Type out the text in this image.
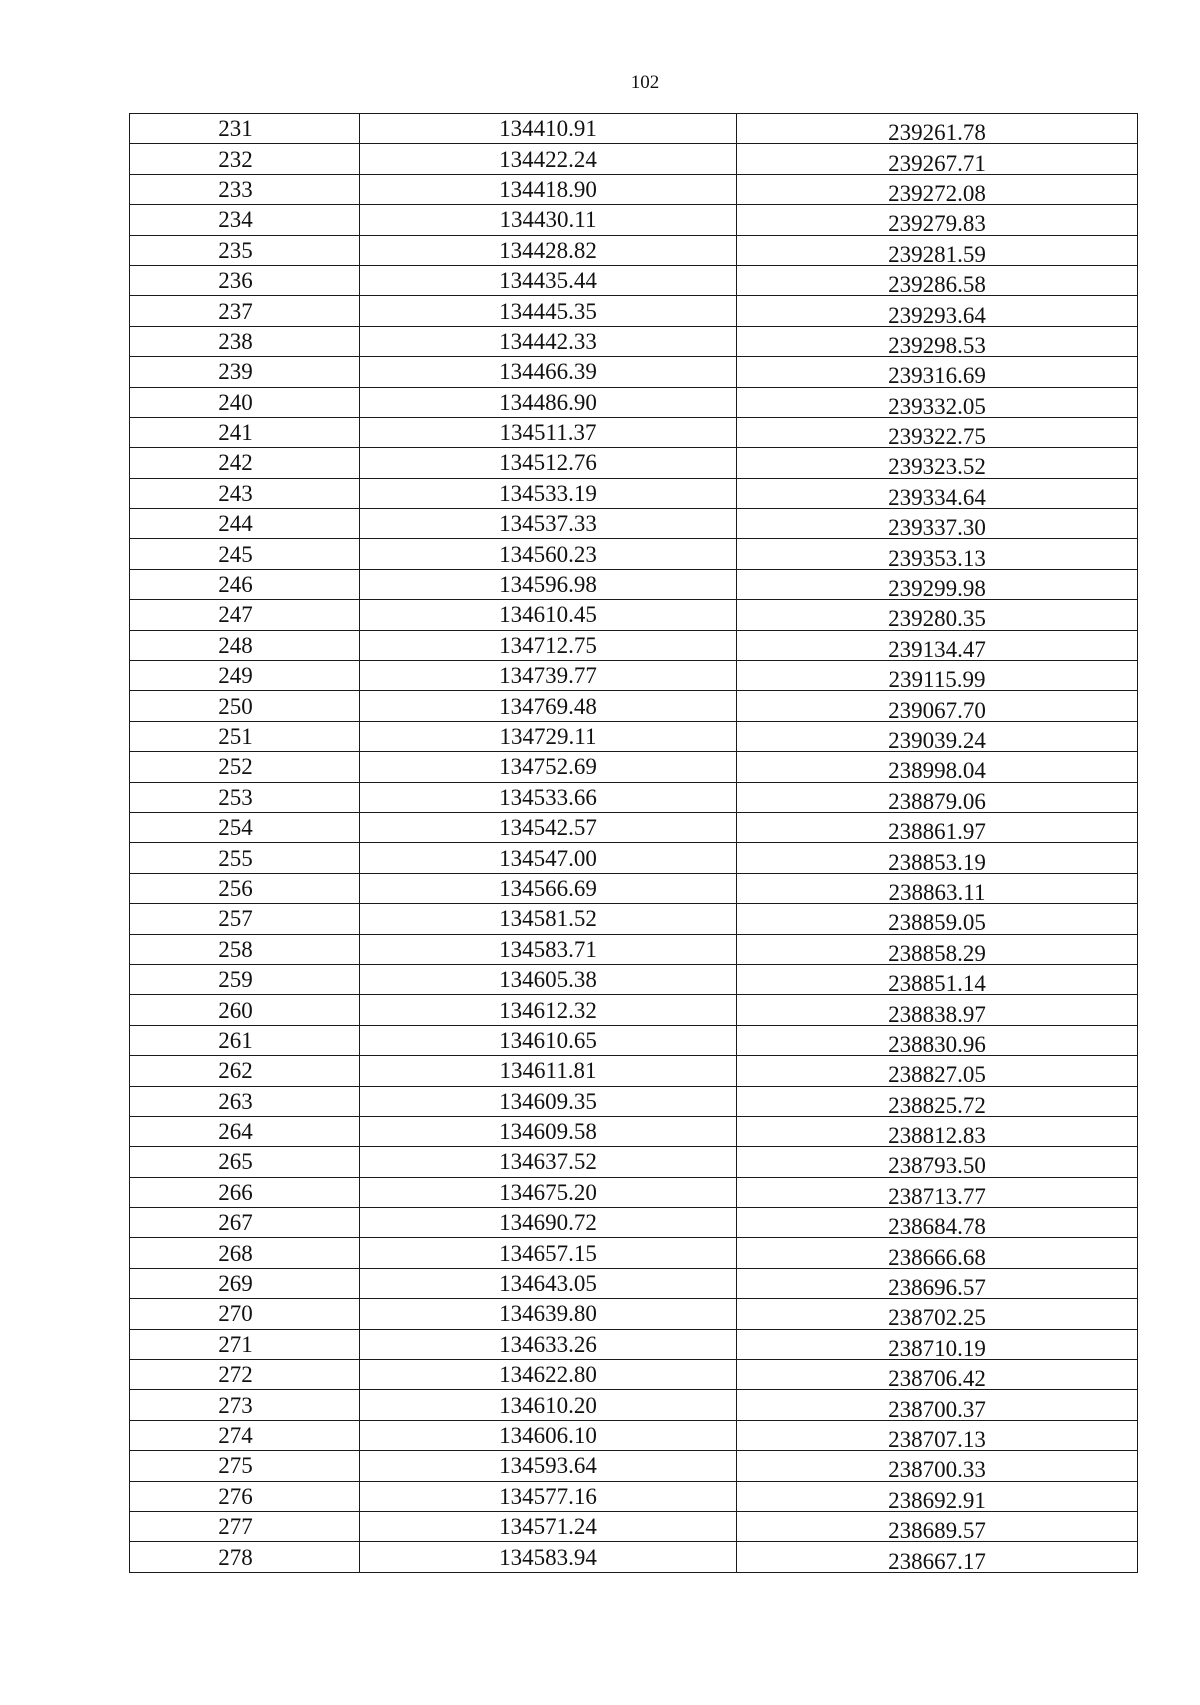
102
231	134410.91	239261.78
232	134422.24	239267.71
233	134418.90	239272.08
234	134430.11	239279.83
235	134428.82	239281.59
236	134435.44	239286.58
237	134445.35	239293.64
238	134442.33	239298.53
239	134466.39	239316.69
240	134486.90	239332.05
241	134511.37	239322.75
242	134512.76	239323.52
243	134533.19	239334.64
244	134537.33	239337.30
245	134560.23	239353.13
246	134596.98	239299.98
247	134610.45	239280.35
248	134712.75	239134.47
249	134739.77	239115.99
250	134769.48	239067.70
251	134729.11	239039.24
252	134752.69	238998.04
253	134533.66	238879.06
254	134542.57	238861.97
255	134547.00	238853.19
256	134566.69	238863.11
257	134581.52	238859.05
258	134583.71	238858.29
259	134605.38	238851.14
260	134612.32	238838.97
261	134610.65	238830.96
262	134611.81	238827.05
263	134609.35	238825.72
264	134609.58	238812.83
265	134637.52	238793.50
266	134675.20	238713.77
267	134690.72	238684.78
268	134657.15	238666.68
269	134643.05	238696.57
270	134639.80	238702.25
271	134633.26	238710.19
272	134622.80	238706.42
273	134610.20	238700.37
274	134606.10	238707.13
275	134593.64	238700.33
276	134577.16	238692.91
277	134571.24	238689.57
278	134583.94	238667.17
